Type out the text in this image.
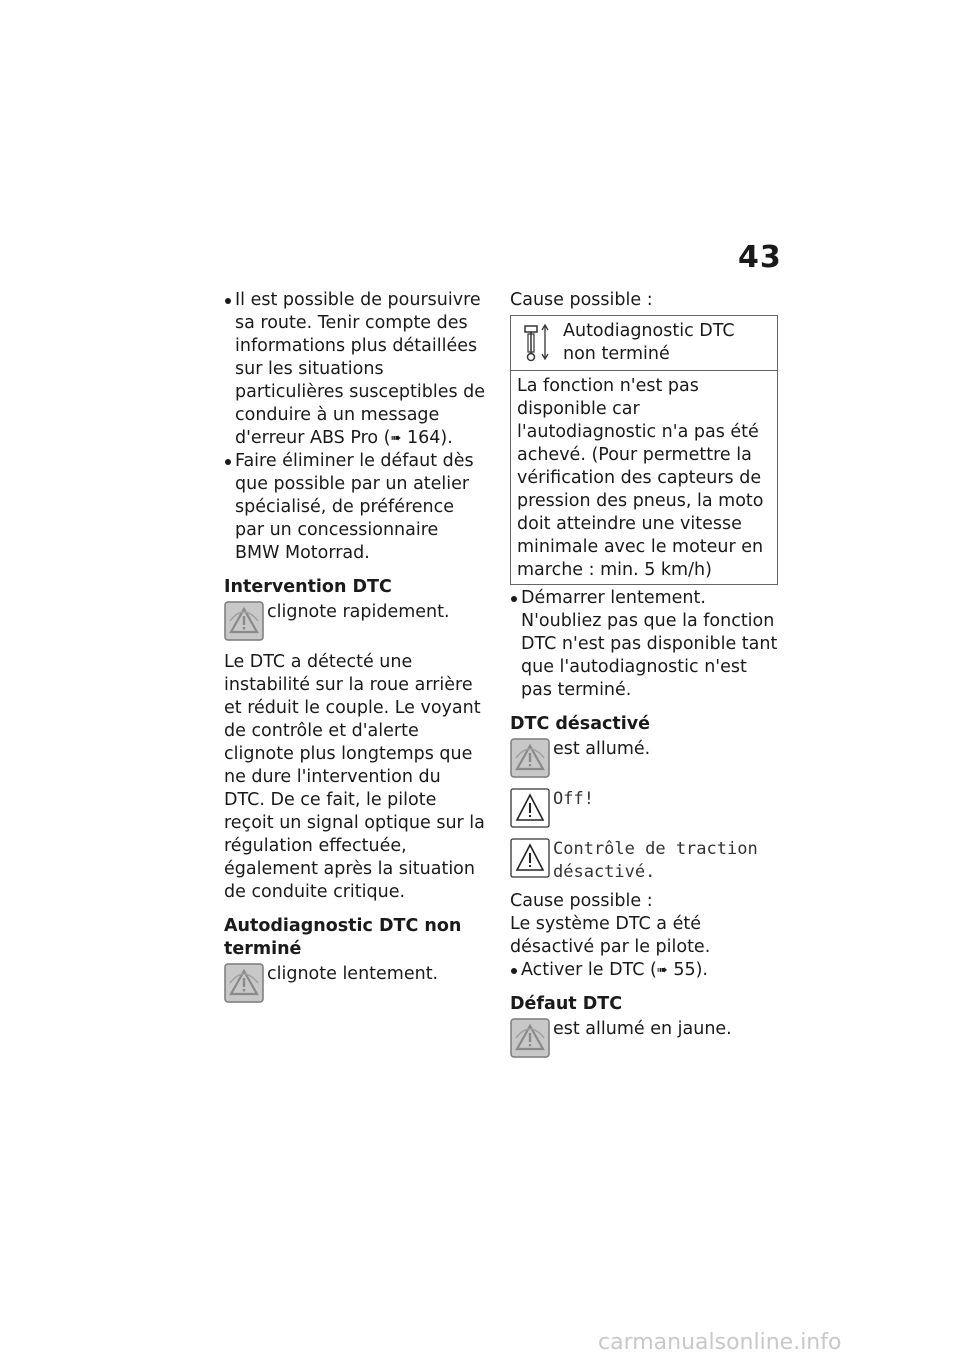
43
Il est possible de poursuivre sa route. Tenir compte des informations plus détaillées sur les situations particulières susceptibles de conduire à un message d'erreur ABS Pro (➠ 164).
Faire éliminer le défaut dès que possible par un atelier spécialisé, de préférence par un concessionnaire BMW Motorrad.
Intervention DTC
clignote rapidement.
Le DTC a détecté une instabilité sur la roue arrière et réduit le couple. Le voyant de contrôle et d'alerte clignote plus longtemps que ne dure l'intervention du DTC. De ce fait, le pilote reçoit un signal optique sur la régulation effectuée, également après la situation de conduite critique.
Autodiagnostic DTC non terminé
clignote lentement.
Cause possible :
Autodiagnostic DTC non terminé
La fonction n'est pas disponible car l'autodiagnostic n'a pas été achevé. (Pour permettre la vérification des capteurs de pression des pneus, la moto doit atteindre une vitesse minimale avec le moteur en marche : min. 5 km/h)
Démarrer lentement. N'oubliez pas que la fonction DTC n'est pas disponible tant que l'autodiagnostic n'est pas terminé.
DTC désactivé
est allumé.
Off!
Contrôle de traction désactivé.
Cause possible :
Le système DTC a été désactivé par le pilote.
Activer le DTC (➠ 55).
Défaut DTC
est allumé en jaune.
carmanualsonline.info
